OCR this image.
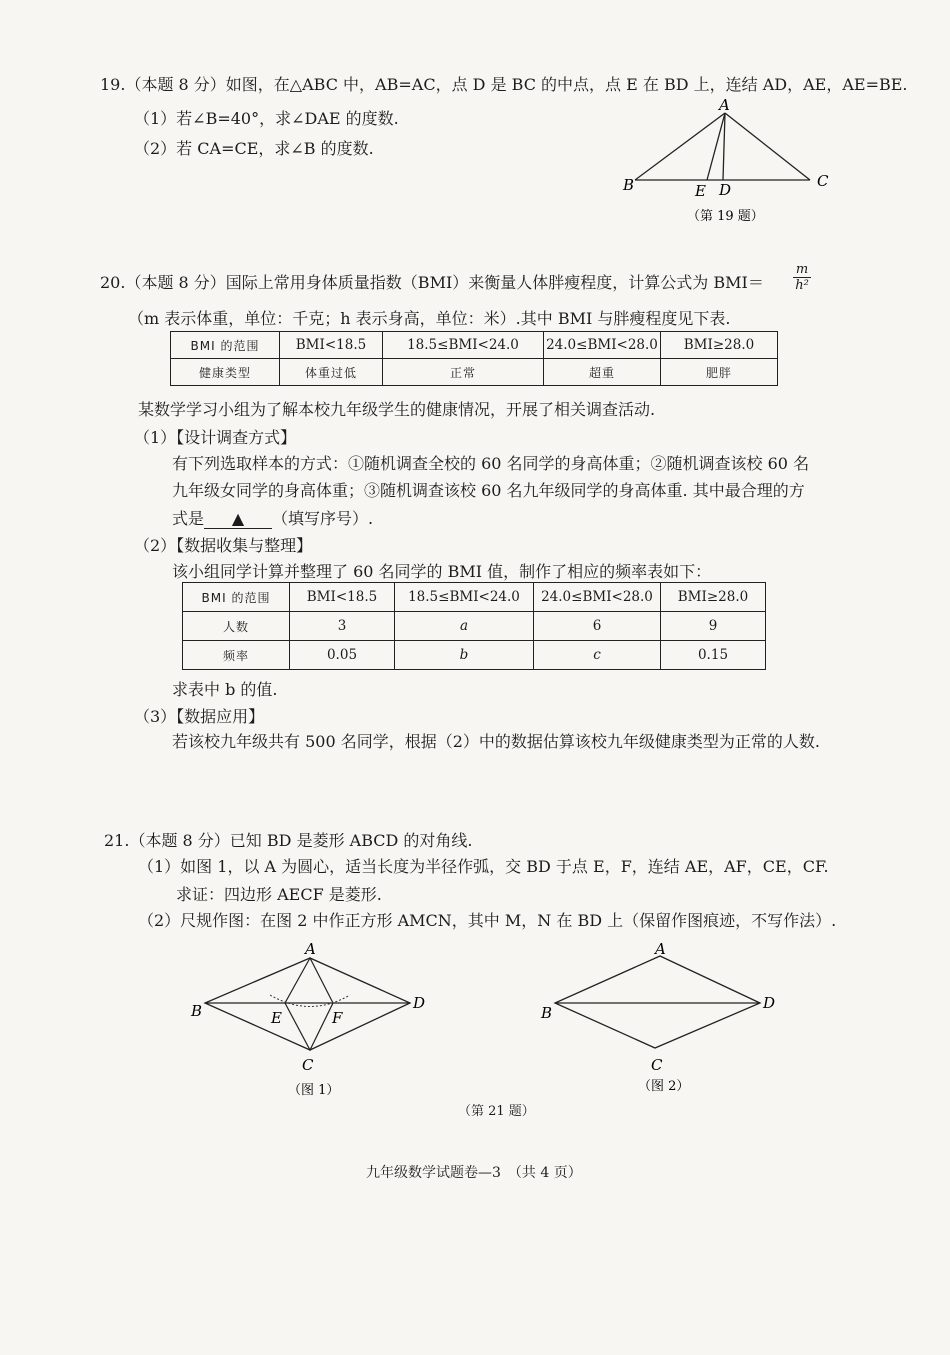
19.（本题 8 分）如图，在△ABC 中，AB=AC，点 D 是 BC 的中点，点 E 在 BD 上，连结 AD，AE，AE=BE.
（1）若∠B=40°，求∠DAE 的度数.
（2）若 CA=CE，求∠B 的度数.
A
B	C
D
E
（第 19 题）
20.（本题 8 分）国际上常用身体质量指数（BMI）来衡量人体胖瘦程度，计算公式为 $BMI= \frac{m}{\text{h²}}$
（m 表示体重，单位：千克；h 表示身高，单位：米）.其中 BMI 与胖瘦程度见下表.
BMI 的范围	BMI<18.5	18.5≤BMI<24.0	24.0≤BMI<28.0	BMI≥28.0
健康类型	体重过低	正常	超重	肥胖
某数学学习小组为了解本校九年级学生的健康情况，开展了相关调查活动.
（1）【设计调查方式】
有下列选取样本的方式：①随机调查全校的 60 名同学的身高体重；②随机调查该校 60 名
九年级女同学的身高体重；③随机调查该校 60 名九年级同学的身高体重. 其中最合理的方
式是 ▲ （填写序号）.
（2）【数据收集与整理】
该小组同学计算并整理了 60 名同学的 BMI 值，制作了相应的频率表如下：
BMI 的范围	BMI<18.5	18.5≤BMI<24.0	24.0≤BMI<28.0	BMI≥28.0
人数	3	a	6	9
频率	0.05	b	c	0.15
求表中 b 的值.
（3）【数据应用】
若该校九年级共有 500 名同学，根据（2）中的数据估算该校九年级健康类型为正常的人数.
21.（本题 8 分）已知 BD 是菱形 ABCD 的对角线.
（1）如图 1，以 A 为圆心，适当长度为半径作弧，交 BD 于点 E，F，连结 AE，AF，CE，CF.
求证：四边形 AECF 是菱形.
（2）尺规作图：在图 2 中作正方形 AMCN，其中 M，N 在 BD 上（保留作图痕迹，不写作法）.
A
B
C
D
E	F
（图 1）
A
B
C
D
（图 2）
（第 21 题）
九年级数学试题卷—3　（共 4 页）
